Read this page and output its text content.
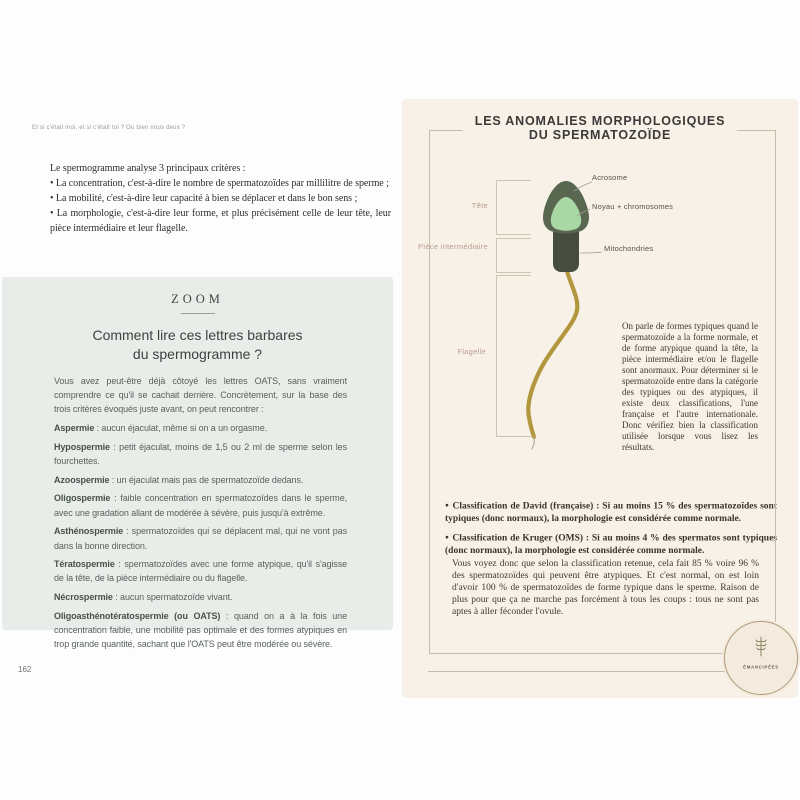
Et si c'était moi, et si c'était toi ? Ou bien nous deux ?

Le spermogramme analyse 3 principaux critères :

• La concentration, c'est-à-dire le nombre de spermatozoïdes par millilitre de sperme ;

• La mobilité, c'est-à-dire leur capacité à bien se déplacer et dans le bon sens ;

• La morphologie, c'est-à-dire leur forme, et plus précisément celle de leur tête, leur pièce intermédiaire et leur flagelle.

ZOOM

Comment lire ces lettres barbares
du spermogramme ?

Vous avez peut-être déjà côtoyé les lettres OATS, sans vraiment comprendre ce qu'il se cachait derrière. Concrètement, sur la base des trois critères évoqués juste avant, on peut rencontrer :

Aspermie : aucun éjaculat, même si on a un orgasme.

Hypospermie : petit éjaculat, moins de 1,5 ou 2 ml de sperme selon les fourchettes.

Azoospermie : un éjaculat mais pas de spermatozoïde dedans.

Oligospermie : faible concentration en spermatozoïdes dans le sperme, avec une gradation allant de modérée à sévère, puis jusqu'à extrême.

Asthénospermie : spermatozoïdes qui se déplacent mal, qui ne vont pas dans la bonne direction.

Tératospermie : spermatozoïdes avec une forme atypique, qu'il s'agisse de la tête, de la pièce intermédiaire ou du flagelle.

Nécrospermie : aucun spermatozoïde vivant.

Oligoasthénotératospermie (ou OATS) : quand on a à la fois une concentration faible, une mobilité pas optimale et des formes atypiques en trop grande quantité, sachant que l'OATS peut être modérée ou sévère.

162
LES ANOMALIES MORPHOLOGIQUES
DU SPERMATOZOÏDE
Tête
Pièce intermédiaire
Flagelle
Acrosome
Noyau + chromosomes
Mitochondries
On parle de formes typiques quand le spermatozoïde a la forme normale, et de forme atypique quand la tête, la pièce intermédiaire et/ou le flagelle sont anormaux. Pour déterminer si le spermatozoïde entre dans la catégorie des typiques ou des atypiques, il existe deux classifications, l'une française et l'autre internationale. Donc vérifiez bien la classification utilisée lorsque vous lisez les résultats.

● Classification de David (française) : Si au moins 15 % des spermatozoïdes sont typiques (donc normaux), la morphologie est considérée comme normale.

● Classification de Kruger (OMS) : Si au moins 4 % des spermatos sont typiques (donc normaux), la morphologie est considérée comme normale.

Vous voyez donc que selon la classification retenue, cela fait 85 % voire 96 % des spermatozoïdes qui peuvent être atypiques. Et c'est normal, on est loin d'avoir 100 % de spermatozoïdes de forme typique dans le sperme. Raison de plus pour que ça ne marche pas forcément à tous les coups : tous ne sont pas aptes à aller féconder l'ovule.
ÉMANCIPÉES
